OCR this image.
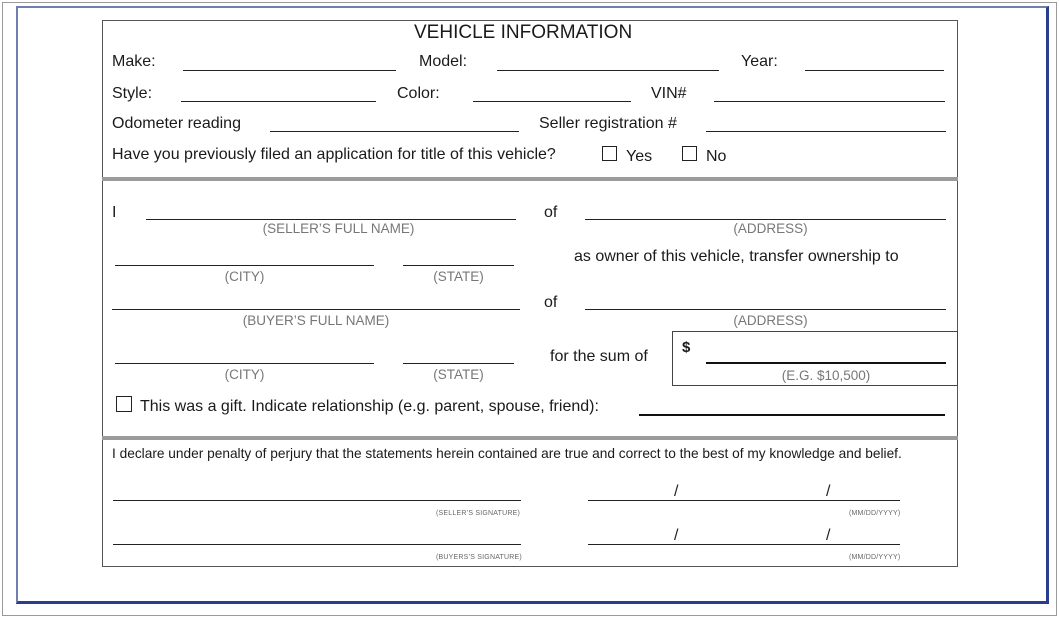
VEHICLE INFORMATION
Make:	Model:	Year:
Style:	Color:	VIN#
Odometer reading	Seller registration #
Have you previously filed an application for title of this vehicle?	Yes	No
I
(SELLER’S FULL NAME)
of
(ADDRESS)
(CITY)	(STATE)
as owner of this vehicle, transfer ownership to
(BUYER’S FULL NAME)
of
(ADDRESS)
(CITY)	(STATE)
for the sum of
$
(E.G. $10,500)
This was a gift. Indicate relationship (e.g. parent, spouse, friend):
I declare under penalty of perjury that the statements herein contained are true and correct to the best of my knowledge and belief.
(SELLER’S SIGNATURE)
/	/
(MM/DD/YYYY)
(BUYERS’S SIGNATURE)
/	/
(MM/DD/YYYY)
